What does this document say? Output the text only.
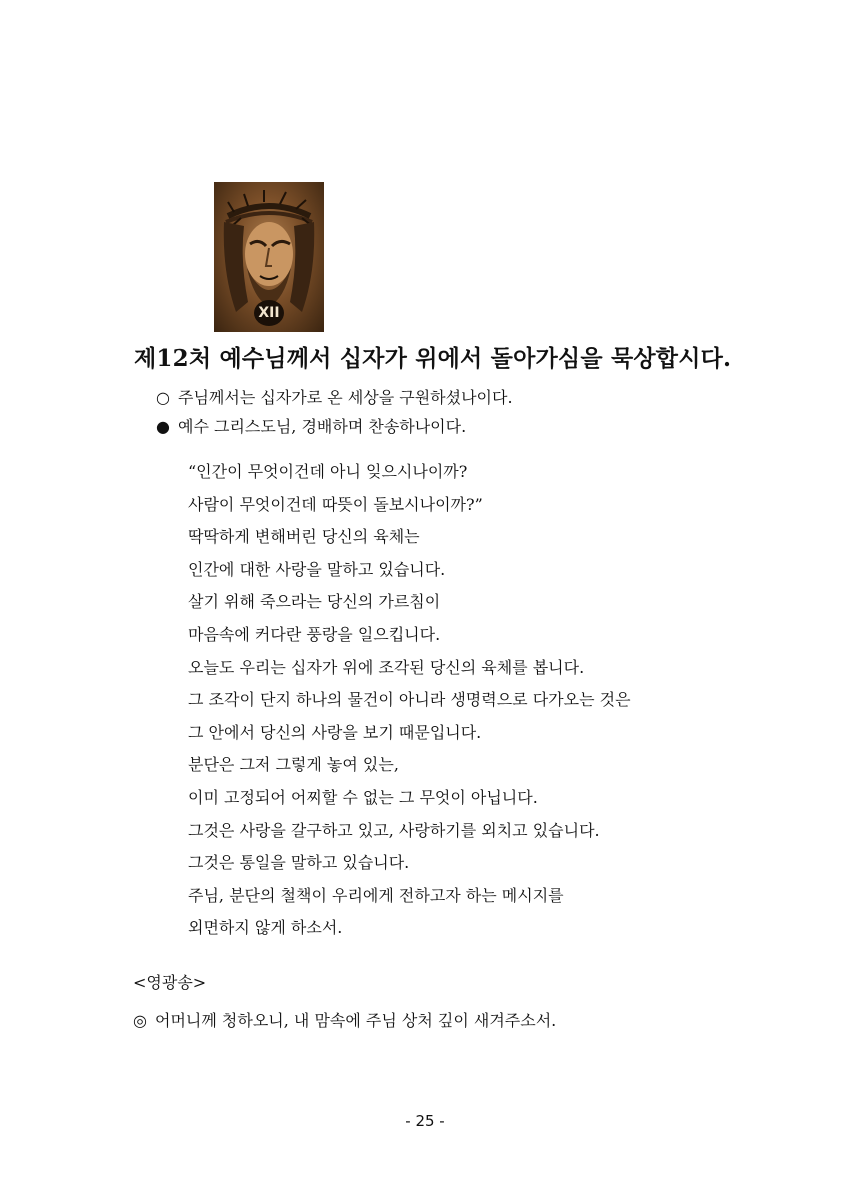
XII
제12처 예수님께서 십자가 위에서 돌아가심을 묵상합시다.
○ 주님께서는 십자가로 온 세상을 구원하셨나이다.
● 예수 그리스도님, 경배하며 찬송하나이다.
“인간이 무엇이건데 아니 잊으시나이까?
사람이 무엇이건데 따뜻이 돌보시나이까?”
딱딱하게 변해버린 당신의 육체는
인간에 대한 사랑을 말하고 있습니다.
살기 위해 죽으라는 당신의 가르침이
마음속에 커다란 풍랑을 일으킵니다.
오늘도 우리는 십자가 위에 조각된 당신의 육체를 봅니다.
그 조각이 단지 하나의 물건이 아니라 생명력으로 다가오는 것은
그 안에서 당신의 사랑을 보기 때문입니다.
분단은 그저 그렇게 놓여 있는,
이미 고정되어 어찌할 수 없는 그 무엇이 아닙니다.
그것은 사랑을 갈구하고 있고, 사랑하기를 외치고 있습니다.
그것은 통일을 말하고 있습니다.
주님, 분단의 철책이 우리에게 전하고자 하는 메시지를
외면하지 않게 하소서.
<영광송>
◎ 어머니께 청하오니, 내 맘속에 주님 상처 깊이 새겨주소서.
- 25 -
